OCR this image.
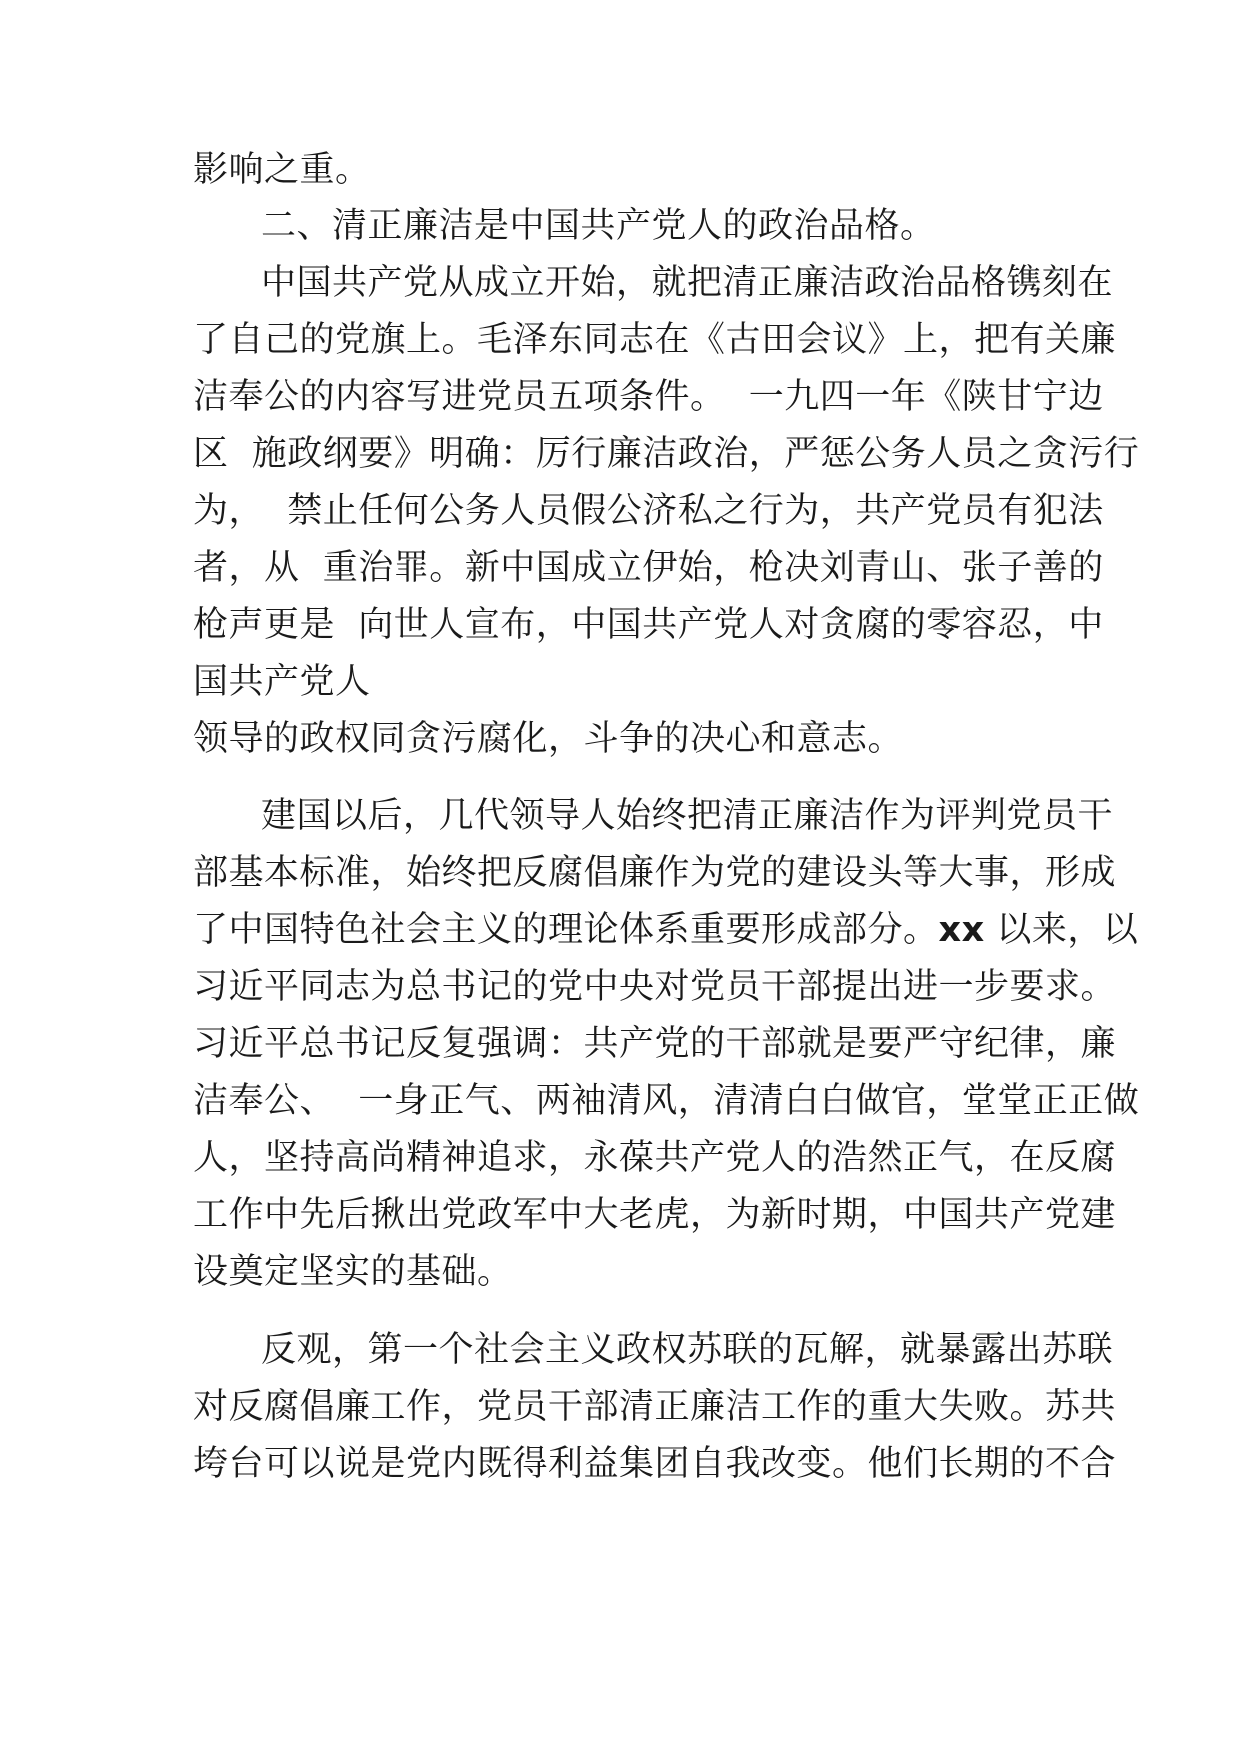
影响之重。

二、清正廉洁是中国共产党人的政治品格。

中国共产党从成立开始，就把清正廉洁政治品格镌刻在

了自己的党旗上。毛泽东同志在《古田会议》上，把有关廉

洁奉公的内容写进党员五项条件。  一九四一年《陕甘宁边

区  施政纲要》明确：厉行廉洁政治，严惩公务人员之贪污行

为，  禁止任何公务人员假公济私之行为，共产党员有犯法

者，从  重治罪。新中国成立伊始，枪决刘青山、张子善的

枪声更是  向世人宣布，中国共产党人对贪腐的零容忍，中

国共产党人

领导的政权同贪污腐化，斗争的决心和意志。

建国以后，几代领导人始终把清正廉洁作为评判党员干

部基本标准，始终把反腐倡廉作为党的建设头等大事，形成

了中国特色社会主义的理论体系重要形成部分。xx 以来，以

习近平同志为总书记的党中央对党员干部提出进一步要求。

习近平总书记反复强调：共产党的干部就是要严守纪律，廉

洁奉公、  一身正气、两袖清风，清清白白做官，堂堂正正做

人，坚持高尚精神追求，永葆共产党人的浩然正气，在反腐

工作中先后揪出党政军中大老虎，为新时期，中国共产党建

设奠定坚实的基础。

反观，第一个社会主义政权苏联的瓦解，就暴露出苏联

对反腐倡廉工作，党员干部清正廉洁工作的重大失败。苏共

垮台可以说是党内既得利益集团自我改变。他们长期的不合
